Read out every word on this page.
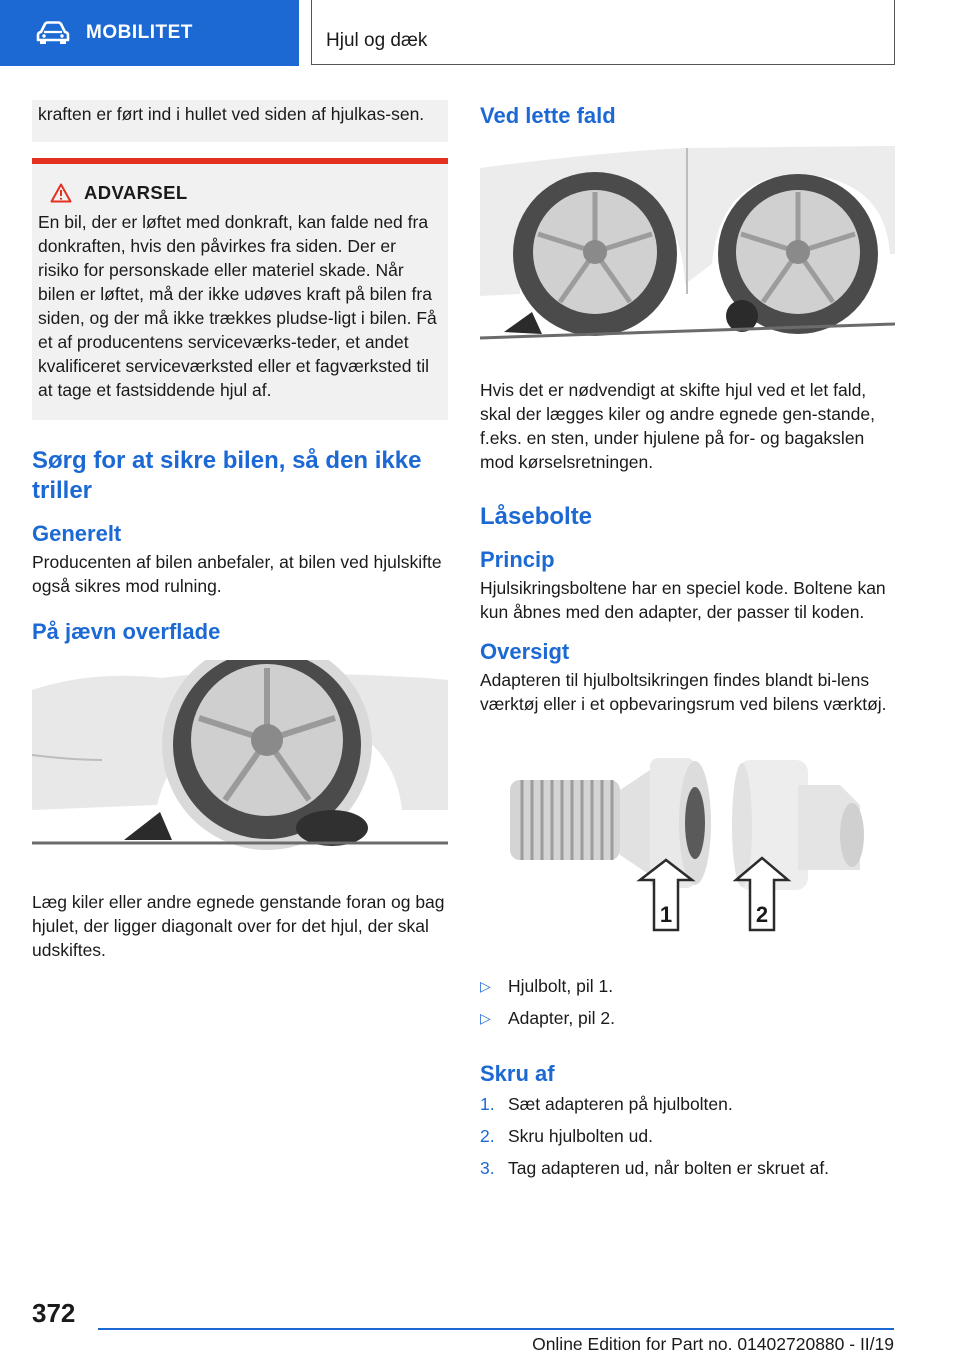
MOBILITET	Hjul og dæk

kraften er ført ind i hullet ved siden af hjulkas‐sen.

ADVARSEL

En bil, der er løftet med donkraft, kan falde ned fra donkraften, hvis den påvirkes fra siden. Der er risiko for personskade eller materiel skade. Når bilen er løftet, må der ikke udøves kraft på bilen fra siden, og der må ikke trækkes pludse‐ligt i bilen. Få et af producentens serviceværks‐teder, et andet kvalificeret serviceværksted eller et fagværksted til at tage et fastsiddende hjul af.

Sørg for at sikre bilen, så den ikke triller
Generelt

Producenten af bilen anbefaler, at bilen ved hjulskifte også sikres mod rulning.

På jævn overflade

Læg kiler eller andre egnede genstande foran og bag hjulet, der ligger diagonalt over for det hjul, der skal udskiftes.

Ved lette fald

Hvis det er nødvendigt at skifte hjul ved et let fald, skal der lægges kiler og andre egnede gen‐stande, f.eks. en sten, under hjulene på for- og bagakslen mod kørselsretningen.

Låsebolte
Princip

Hjulsikringsboltene har en speciel kode. Boltene kan kun åbnes med den adapter, der passer til koden.

Oversigt

Adapteren til hjulboltsikringen findes blandt bi‐lens værktøj eller i et opbevaringsrum ved bilens værktøj.

1	2
▷ Hjulbolt, pil 1.
▷ Adapter, pil 2.
Skru af
1. Sæt adapteren på hjulbolten.
2. Skru hjulbolten ud.
3. Tag adapteren ud, når bolten er skruet af.
372
Online Edition for Part no. 01402720880 - II/19
